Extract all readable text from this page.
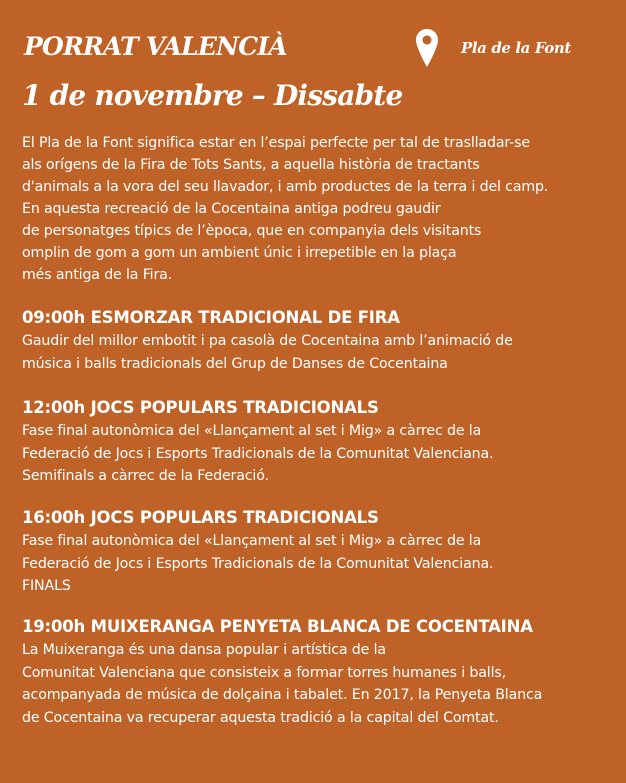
PORRAT VALENCIÀ	Pla de la Font
1 de novembre – Dissabte
El Pla de la Font significa estar en l’espai perfecte per tal de traslladar-se
als orígens de la Fira de Tots Sants, a aquella història de tractants
d'animals a la vora del seu llavador, i amb productes de la terra i del camp.
En aquesta recreació de la Cocentaina antiga podreu gaudir
de personatges típics de l’època, que en companyia dels visitants
omplin de gom a gom un ambient únic i irrepetible en la plaça
més antiga de la Fira.
09:00h ESMORZAR TRADICIONAL DE FIRA
Gaudir del millor embotit i pa casolà de Cocentaina amb l’animació de
música i balls tradicionals del Grup de Danses de Cocentaina
12:00h JOCS POPULARS TRADICIONALS
Fase final autonòmica del «Llançament al set i Mig» a càrrec de la
Federació de Jocs i Esports Tradicionals de la Comunitat Valenciana.
Semifinals a càrrec de la Federació.
16:00h JOCS POPULARS TRADICIONALS
Fase final autonòmica del «Llançament al set i Mig» a càrrec de la
Federació de Jocs i Esports Tradicionals de la Comunitat Valenciana.
FINALS
19:00h MUIXERANGA PENYETA BLANCA DE COCENTAINA
La Muixeranga és una dansa popular i artística de la
Comunitat Valenciana que consisteix a formar torres humanes i balls,
acompanyada de música de dolçaina i tabalet. En 2017, la Penyeta Blanca
de Cocentaina va recuperar aquesta tradició a la capital del Comtat.
